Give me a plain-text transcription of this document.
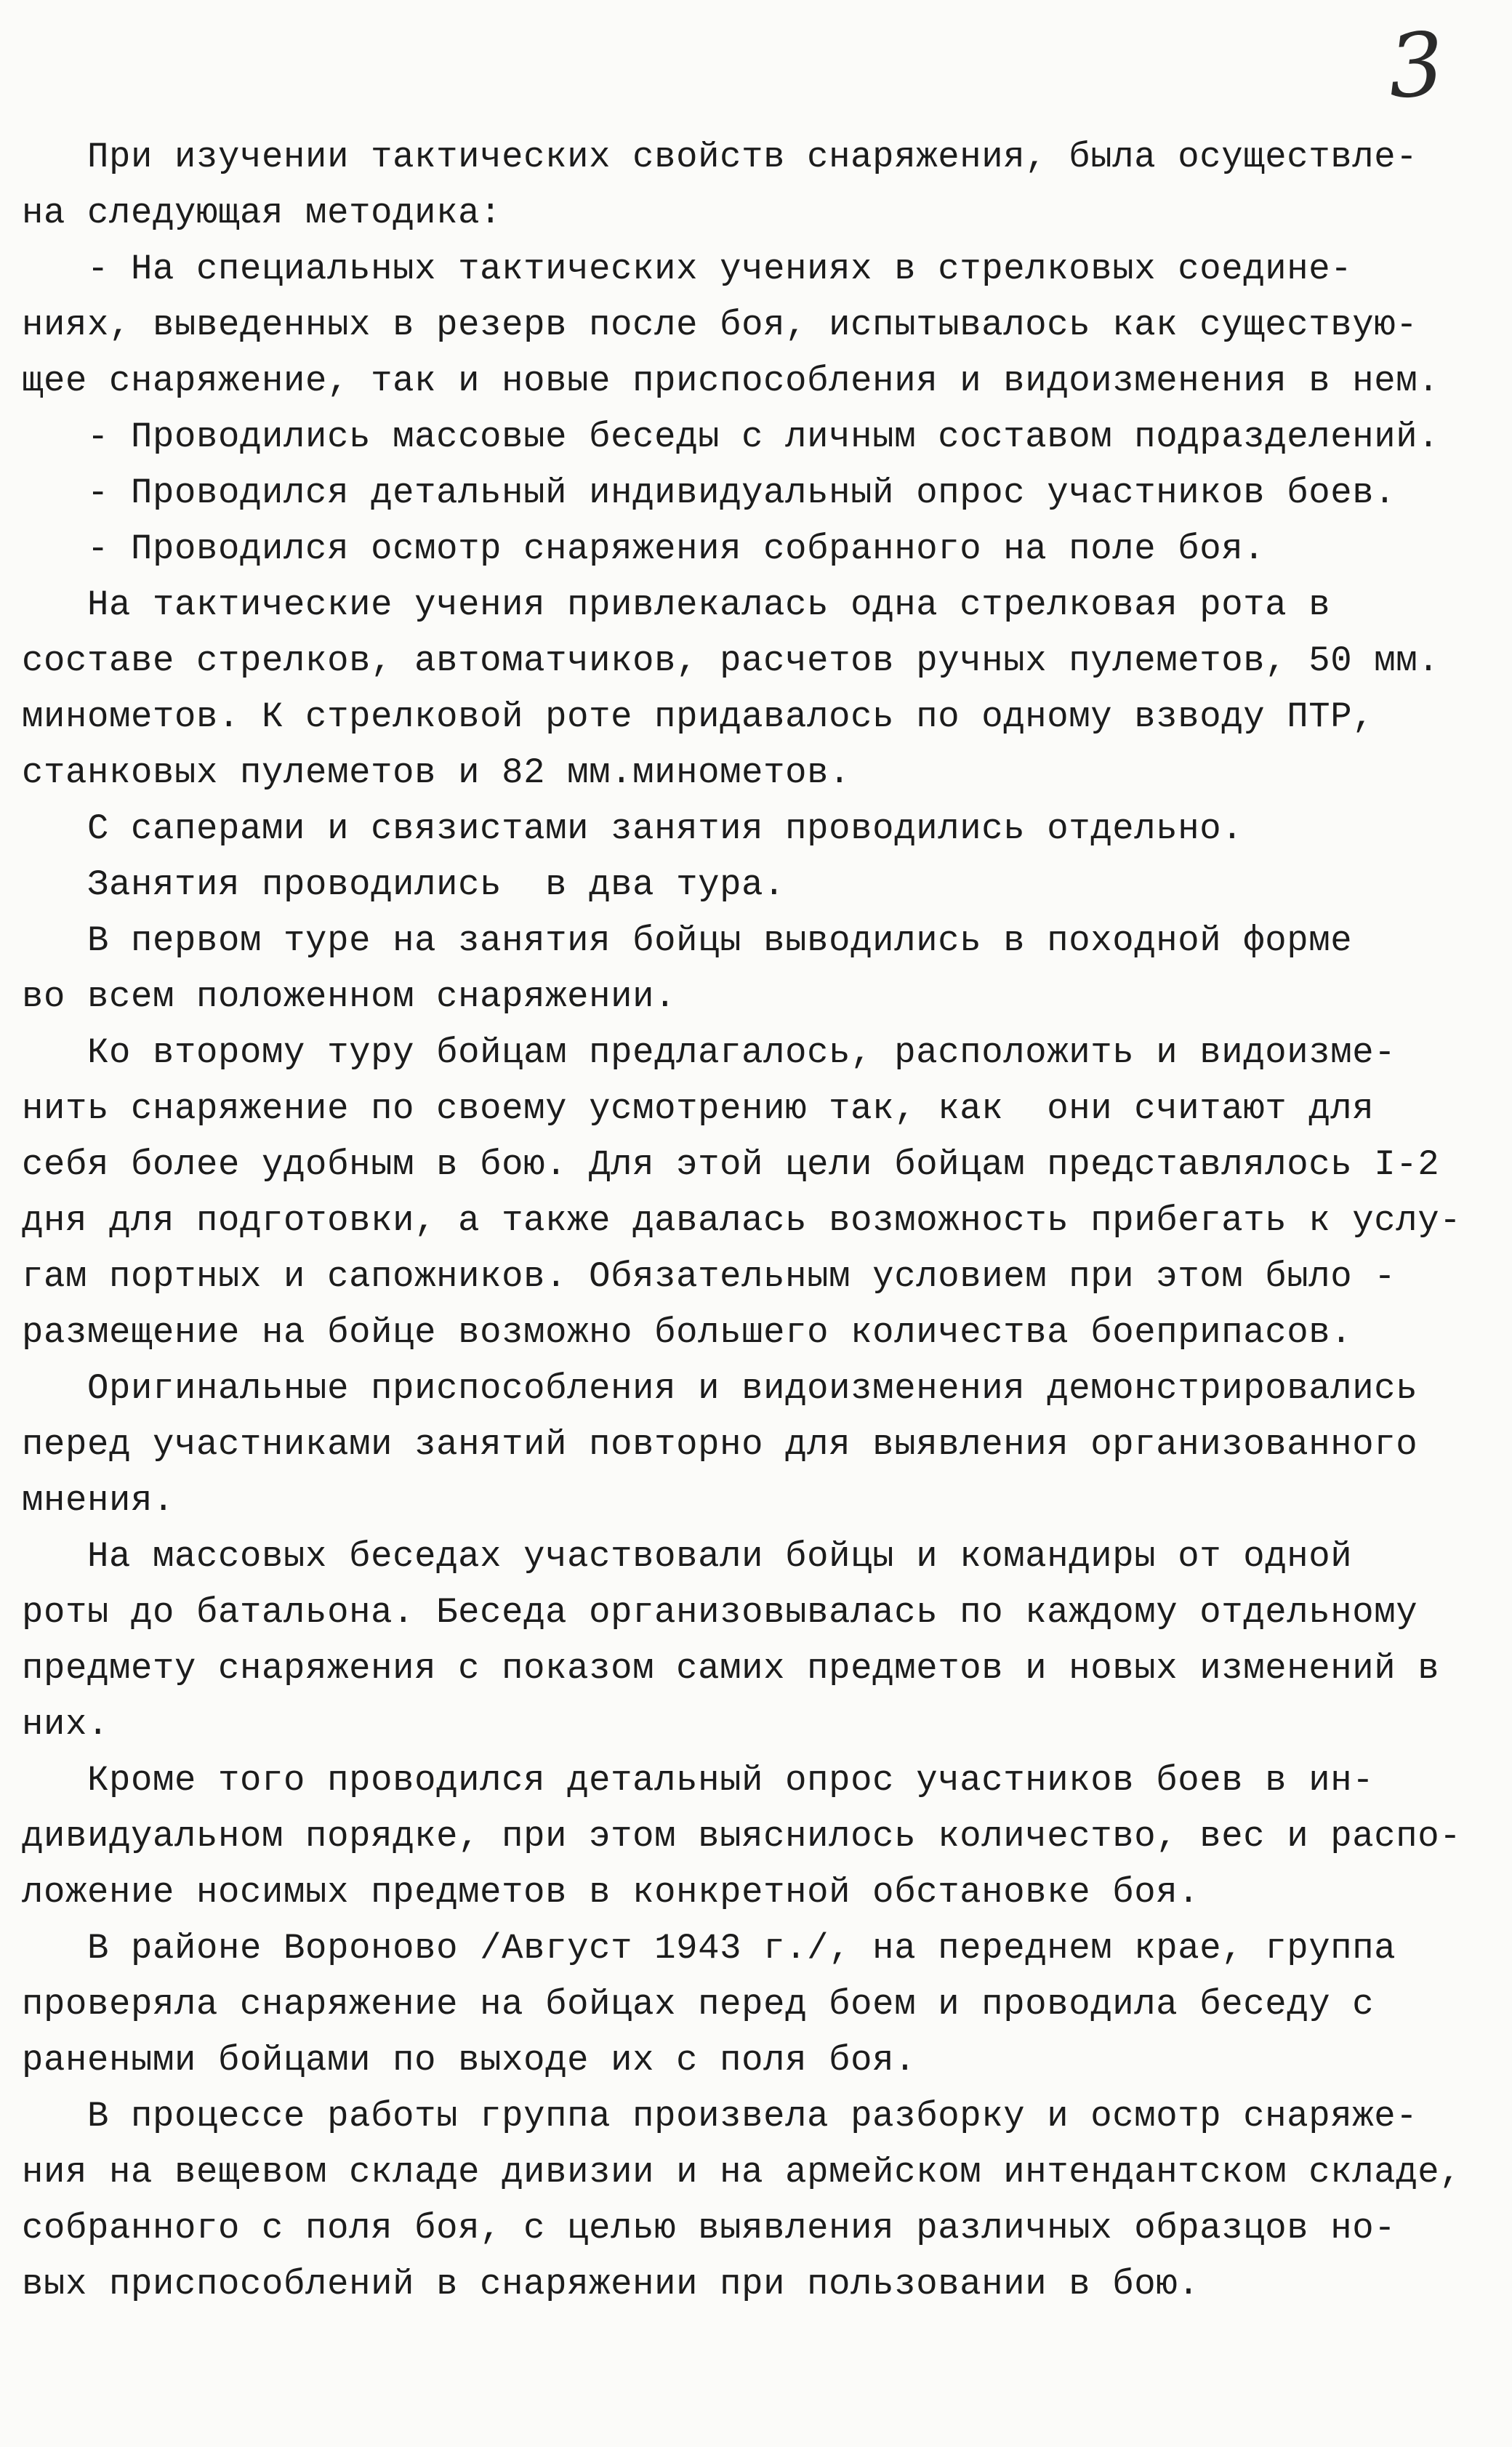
3
При изучении тактических свойств снаряжения, была осуществле-
на следующая методика:
- На специальных тактических учениях в стрелковых соедине-
ниях, выведенных в резерв после боя, испытывалось как существую-
щее снаряжение, так и новые приспособления и видоизменения в нем.
- Проводились массовые беседы с личным составом подразделений.
- Проводился детальный индивидуальный опрос участников боев.
- Проводился осмотр снаряжения собранного на поле боя.
На тактические учения привлекалась одна стрелковая рота в
составе стрелков, автоматчиков, расчетов ручных пулеметов, 50 мм.
минометов. К стрелковой роте придавалось по одному взводу ПТР,
станковых пулеметов и 82 мм.минометов.
С саперами и связистами занятия проводились отдельно.
Занятия проводились  в два тура.
В первом туре на занятия бойцы выводились в походной форме
во всем положенном снаряжении.
Ко второму туру бойцам предлагалось, расположить и видоизме-
нить снаряжение по своему усмотрению так, как  они считают для
себя более удобным в бою. Для этой цели бойцам представлялось I-2
дня для подготовки, а также давалась возможность прибегать к услу-
гам портных и сапожников. Обязательным условием при этом было -
размещение на бойце возможно большего количества боеприпасов.
Оригинальные приспособления и видоизменения демонстрировались
перед участниками занятий повторно для выявления организованного
мнения.
На массовых беседах участвовали бойцы и командиры от одной
роты до батальона. Беседа организовывалась по каждому отдельному
предмету снаряжения с показом самих предметов и новых изменений в
них.
Кроме того проводился детальный опрос участников боев в ин-
дивидуальном порядке, при этом выяснилось количество, вес и распо-
ложение носимых предметов в конкретной обстановке боя.
В районе Вороново /Август 1943 г./, на переднем крае, группа
проверяла снаряжение на бойцах перед боем и проводила беседу с
ранеными бойцами по выходе их с поля боя.
В процессе работы группа произвела разборку и осмотр снаряже-
ния на вещевом складе дивизии и на армейском интендантском складе,
собранного с поля боя, с целью выявления различных образцов но-
вых приспособлений в снаряжении при пользовании в бою.
